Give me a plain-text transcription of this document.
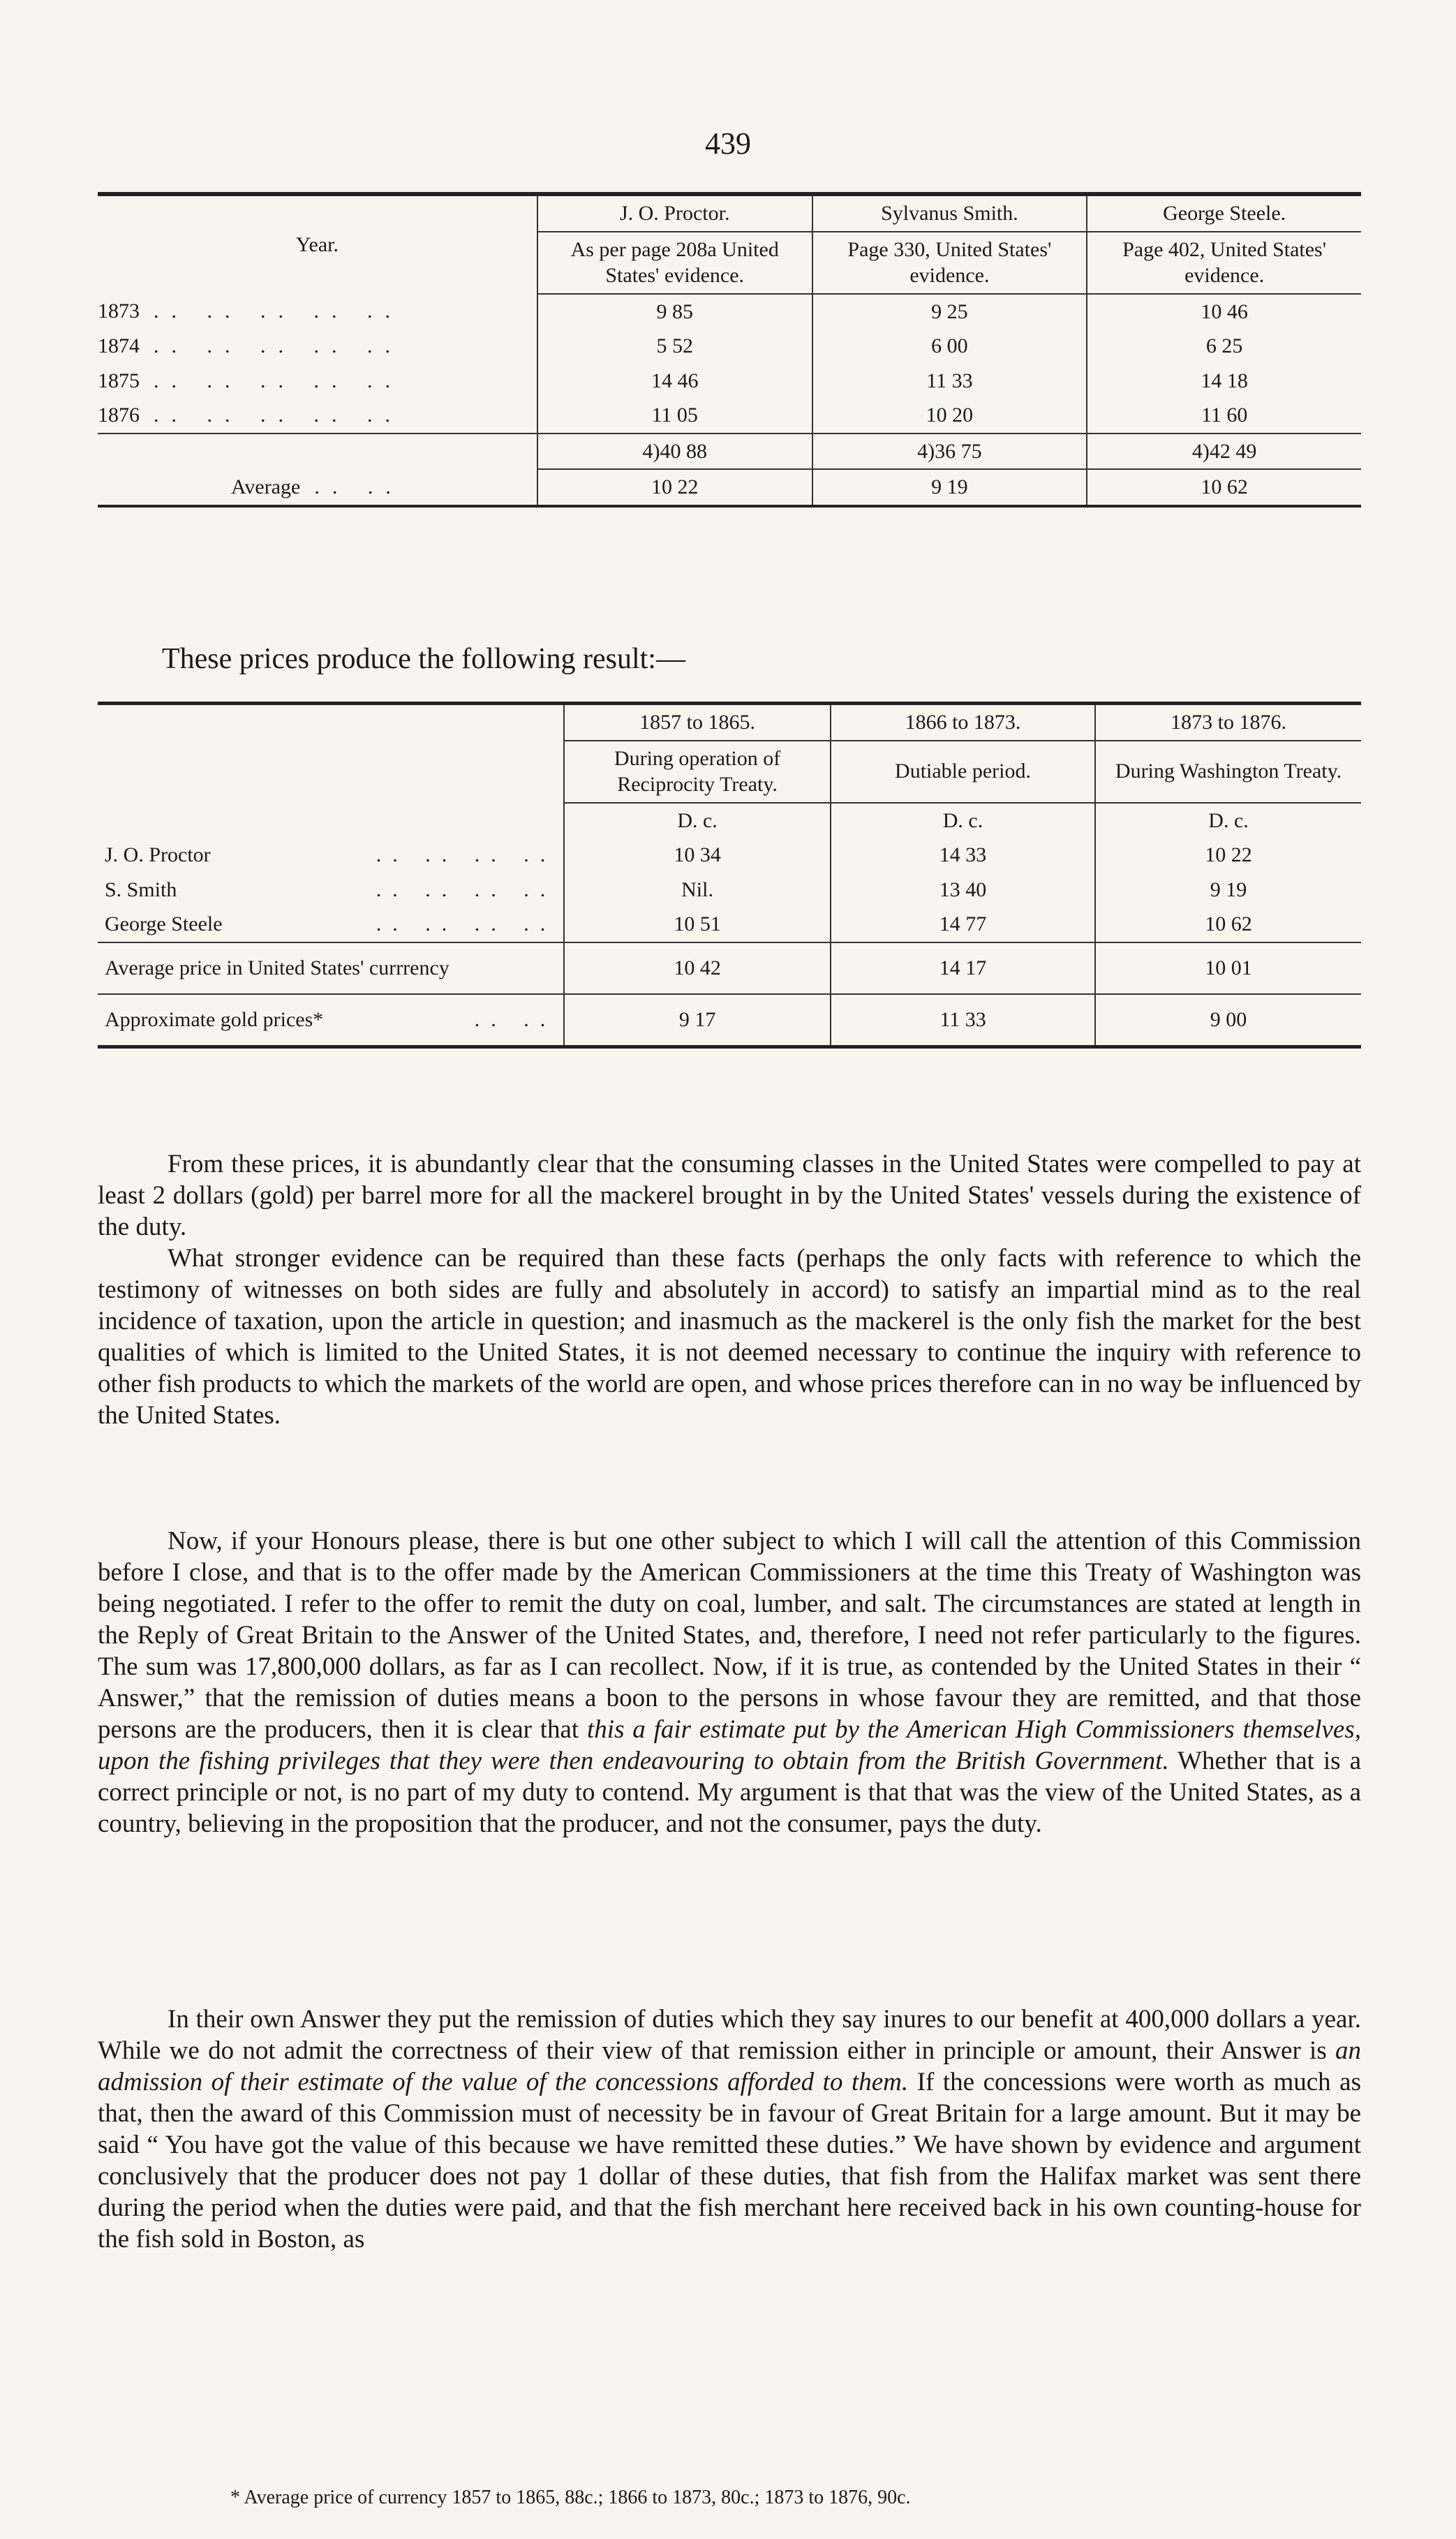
439
Year.	J. O. Proctor.	Sylvanus Smith.	George Steele.
	As per page 208a United States' evidence.	Page 330, United States' evidence.	Page 402, United States' evidence.
1873 .. .. .. .. ..	9 85	9 25	10 46
1874 .. .. .. .. ..	5 52	6 00	6 25
1875 .. .. .. .. ..	14 46	11 33	14 18
1876 .. .. .. .. ..	11 05	10 20	11 60
	4)40 88	4)36 75	4)42 49
Average .. ..	10 22	9 19	10 62
These prices produce the following result:—
	1857 to 1865.	1866 to 1873.	1873 to 1876.
	During operation of Reciprocity Treaty.	Dutiable period.	During Washington Treaty.
	D. c.	D. c.	D. c.

J. O. Proctor .. .. .. ..	10 34	14 33	10 22

S. Smith .. .. .. ..	Nil.	13 40	9 19

George Steele .. .. .. ..	10 51	14 77	10 62
Average price in United States' currrency	10 42	14 17	10 01

Approximate gold prices* .. ..	9 17	11 33	9 00

From these prices, it is abundantly clear that the consuming classes in the United States were compelled to pay at least 2 dollars (gold) per barrel more for all the mackerel brought in by the United States' vessels during the existence of the duty.

What stronger evidence can be required than these facts (perhaps the only facts with reference to which the testimony of witnesses on both sides are fully and absolutely in accord) to satisfy an impartial mind as to the real incidence of taxation, upon the article in question; and inasmuch as the mackerel is the only fish the market for the best qualities of which is limited to the United States, it is not deemed necessary to continue the inquiry with reference to other fish products to which the markets of the world are open, and whose prices therefore can in no way be influenced by the United States.

Now, if your Honours please, there is but one other subject to which I will call the attention of this Commission before I close, and that is to the offer made by the American Commissioners at the time this Treaty of Washington was being negotiated. I refer to the offer to remit the duty on coal, lumber, and salt. The circumstances are stated at length in the Reply of Great Britain to the Answer of the United States, and, therefore, I need not refer particularly to the figures. The sum was 17,800,000 dollars, as far as I can recollect. Now, if it is true, as contended by the United States in their “ Answer,” that the remission of duties means a boon to the persons in whose favour they are remitted, and that those persons are the producers, then it is clear that this a fair estimate put by the American High Commissioners themselves, upon the fishing privileges that they were then endeavouring to obtain from the British Government. Whether that is a correct principle or not, is no part of my duty to contend. My argument is that that was the view of the United States, as a country, believing in the proposition that the producer, and not the consumer, pays the duty.

In their own Answer they put the remission of duties which they say inures to our benefit at 400,000 dollars a year. While we do not admit the correctness of their view of that remission either in principle or amount, their Answer is an admission of their estimate of the value of the concessions afforded to them. If the concessions were worth as much as that, then the award of this Commission must of necessity be in favour of Great Britain for a large amount. But it may be said “ You have got the value of this because we have remitted these duties.” We have shown by evidence and argument conclusively that the producer does not pay 1 dollar of these duties, that fish from the Halifax market was sent there during the period when the duties were paid, and that the fish merchant here received back in his own counting-house for the fish sold in Boston, as

* Average price of currency 1857 to 1865, 88c.; 1866 to 1873, 80c.; 1873 to 1876, 90c.
